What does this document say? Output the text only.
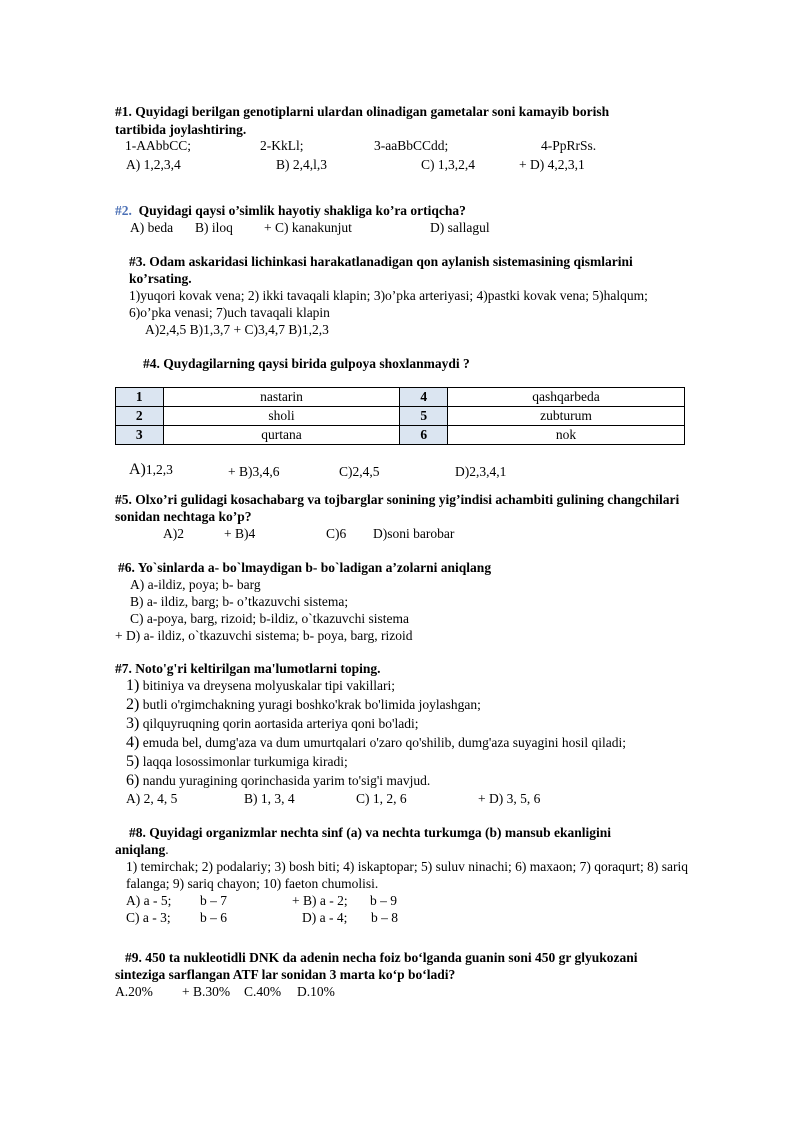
#1. Quyidagi berilgan genotiplarni ulardan olinadigan gametalar soni kamayib borish
tartibida joylashtiring.
1-AAbbCC;	2-KkLl;	3-aaBbCCdd;	4-PpRrSs.
A) 1,2,3,4	B) 2,4,l,3	C) 1,3,2,4	+ D) 4,2,3,1
#2. Quyidagi qaysi o’simlik hayotiy shakliga ko’ra ortiqcha?
A) beda B) iloq + C) kanakunjut	D) sallagul
#3. Odam askaridasi lichinkasi harakatlanadigan qon aylanish sistemasining qismlarini
ko’rsating.
1)yuqori kovak vena; 2) ikki tavaqali klapin; 3)o’pka arteriyasi; 4)pastki kovak vena; 5)halqum;
6)o’pka venasi; 7)uch tavaqali klapin
A)2,4,5 B)1,3,7 + C)3,4,7 B)1,2,3
#4. Quydagilarning qaysi birida gulpoya shoxlanmaydi ?
1	nastarin	4	qashqarbeda
2	sholi	5	zubturum
3	qurtana	6	nok
A)1,2,3	+ B)3,4,6	C)2,4,5	D)2,3,4,1
#5. Olxo’ri gulidagi kosachabarg va tojbarglar sonining yig’indisi achambiti gulining changchilari
sonidan nechtaga ko’p?
A)2	+ B)4	C)6 D)soni barobar
#6. Yo`sinlarda a- bo`lmaydigan b- bo`ladigan a’zolarni aniqlang
A) a-ildiz, poya; b- barg
B) a- ildiz, barg; b- o’tkazuvchi sistema;
C) a-poya, barg, rizoid; b-ildiz, o`tkazuvchi sistema
+ D) a- ildiz, o`tkazuvchi sistema; b- poya, barg, rizoid
#7. Noto'g'ri keltirilgan ma'lumotlarni toping.
1) bitiniya va dreysena molyuskalar tipi vakillari;
2) butli o'rgimchakning yuragi boshko'krak bo'limida joylashgan;
3) qilquyruqning qorin aortasida arteriya qoni bo'ladi;
4) emuda bel, dumg'aza va dum umurtqalari o'zaro qo'shilib, dumg'aza suyagini hosil qiladi;
5) laqqa losossimonlar turkumiga kiradi;
6) nandu yuragining qorinchasida yarim to'sig'i mavjud.
A) 2, 4, 5	B) 1, 3, 4	C) 1, 2, 6	+ D) 3, 5, 6
#8. Quyidagi organizmlar nechta sinf (a) va nechta turkumga (b) mansub ekanligini
aniqlang.
1) temirchak; 2) podalariy; 3) bosh biti; 4) iskaptopar; 5) suluv ninachi; 6) maxaon; 7) qoraqurt; 8) sariq
falanga; 9) sariq chayon; 10) faeton chumolisi.
A) a - 5; b – 7	+ B) a - 2; b – 9
C) a - 3; b – 6	D) a - 4; b – 8
#9. 450 ta nukleotidli DNK da adenin necha foiz bo‘lganda guanin soni 450 gr glyukozani
sinteziga sarflangan ATF lar sonidan 3 marta ko‘p bo‘ladi?
A.20% + B.30% C.40% D.10%
